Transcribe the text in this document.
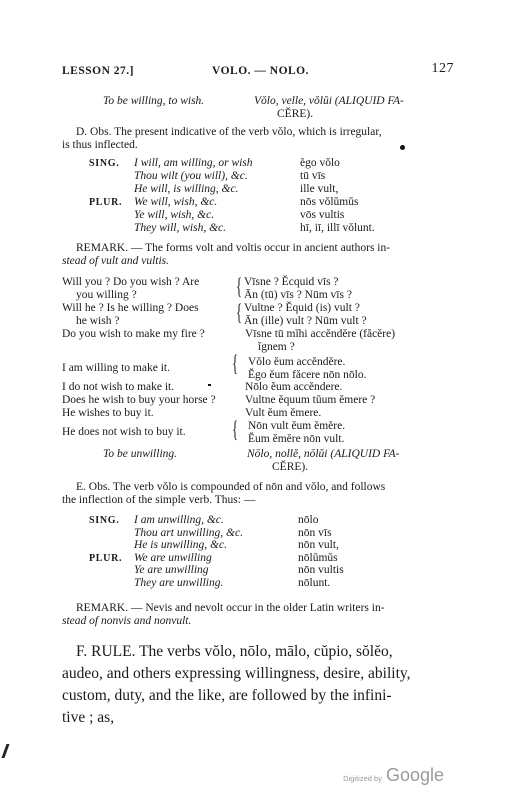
LESSON 27.]	VOLO. — NOLO.	127
To be willing, to wish.	Vŏlo, velle, vŏlŭi (ALIQUID FA-
CĔRE).
D. Obs. The present indicative of the verb vŏlo, which is irregular,
is thus inflected.
SING. I will, am willing, or wish	ĕgo vŏlo
Thou wilt (you will), &c.	tū vīs
He will, is willing, &c.	ille vult,
PLUR. We will, wish, &c.	nōs vŏlŭmŭs
Ye will, wish, &c.	vōs vultis
They will, wish, &c.	hī, iī, illī vŏlunt.
REMARK. — The forms volt and voltis occur in ancient authors in-
stead of vult and vultis.
Will you ? Do you wish ? Are	Vīsne ? Ĕcquid vīs ?
you willing ?	Ān (tū) vīs ? Nūm vīs ?
Will he ? Is he willing ? Does	Vultne ? Ĕquid (is) vult ?
he wish ?	Ān (ille) vult ? Nūm vult ?
Do you wish to make my fire ?	Vīsne tū mĭhi accĕndĕre (făcĕre)
ĭgnem ?
I am willing to make it.	Vŏlo ĕum accĕndĕre.
Ĕgo ĕum făcere nōn nōlo.
I do not wish to make it.	Nōlo ĕum accĕndere.
Does he wish to buy your horse ?	Vultne ĕquum tŭum ĕmere ?
He wishes to buy it.	Vult ĕum ĕmere.
He does not wish to buy it.	Nōn vult ĕum ĕmĕre.
Ĕum ĕmĕre nōn vult.
{
{
{
{
To be unwilling.	Nōlo, nollĕ, nōlŭi (ALIQUID FA-
CĔRE).
E. Obs. The verb vŏlo is compounded of nōn and vŏlo, and follows
the inflection of the simple verb. Thus: —
SING. I am unwilling, &c.	nōlo
Thou art unwilling, &c.	nōn vīs
He is unwilling, &c.	nōn vult,
PLUR. We are unwilling	nōlŭmŭs
Ye are unwilling	nōn vultis
They are unwilling.	nōlunt.
REMARK. — Nevis and nevolt occur in the older Latin writers in-
stead of nonvis and nonvult.
F. RULE. The verbs vŏlo, nōlo, mālo, cŭpio, sŏlĕo,
audeo, and others expressing willingness, desire, ability,
custom, duty, and the like, are followed by the infini-
tive ; as,
Digitized by Google
